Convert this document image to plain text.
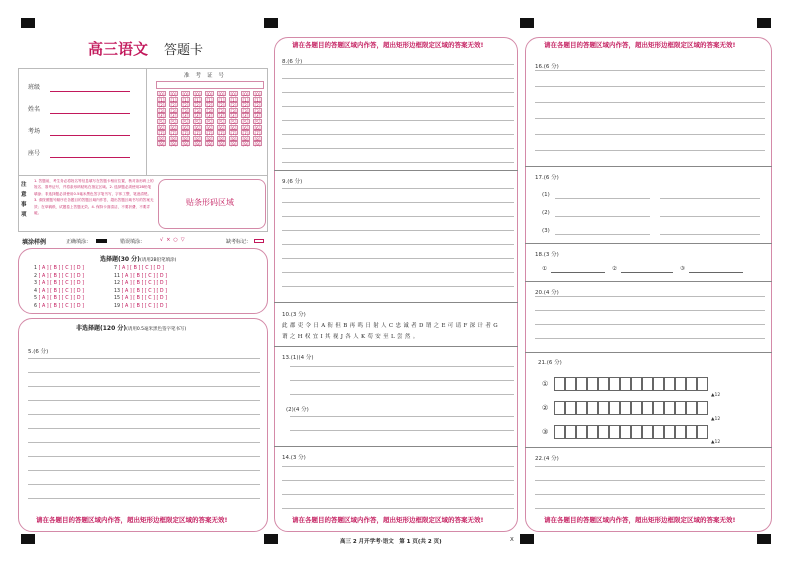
高三语文 答题卡
班级
姓名
考场
座号
准考证号
[0]
[1]
[2]
[3]
[4]
[5]
[6]
[7]
[8]
[9]
[0]
[1]
[2]
[3]
[4]
[5]
[6]
[7]
[8]
[9]
[0]
[1]
[2]
[3]
[4]
[5]
[6]
[7]
[8]
[9]
[0]
[1]
[2]
[3]
[4]
[5]
[6]
[7]
[8]
[9]
[0]
[1]
[2]
[3]
[4]
[5]
[6]
[7]
[8]
[9]
[0]
[1]
[2]
[3]
[4]
[5]
[6]
[7]
[8]
[9]
[0]
[1]
[2]
[3]
[4]
[5]
[6]
[7]
[8]
[9]
[0]
[1]
[2]
[3]
[4]
[5]
[6]
[7]
[8]
[9]
[0]
[1]
[2]
[3]
[4]
[5]
[6]
[7]
[8]
[9]
注
意
事
项
1. 答题前，考生务必将姓名等信息填写在答题卡相应位置，核对条形码上的姓名、准考证号，并将条形码粘贴在指定区域。2. 选择题必须使用2B铅笔填涂；非选择题必须使用0.5毫米黑色签字笔书写，字体工整，笔迹清楚。3. 请按照题号顺序在各题目的答题区域内作答，超出答题区域书写的答案无效；在草稿纸、试题卷上答题无效。4. 保持卡面清洁，不要折叠、不要弄破。
贴条形码区域
填涂样例	正确填涂：	错误填涂：	√×○▽	缺考标记：
选择题(30 分)(请用2B铅笔填涂)
1 [ A ] [ B ] [ C ] [ D ]
2 [ A ] [ B ] [ C ] [ D ]
3 [ A ] [ B ] [ C ] [ D ]
4 [ A ] [ B ] [ C ] [ D ]
5 [ A ] [ B ] [ C ] [ D ]
6 [ A ] [ B ] [ C ] [ D ]
7 [ A ] [ B ] [ C ] [ D ]
11 [ A ] [ B ] [ C ] [ D ]
12 [ A ] [ B ] [ C ] [ D ]
13 [ A ] [ B ] [ C ] [ D ]
15 [ A ] [ B ] [ C ] [ D ]
19 [ A ] [ B ] [ C ] [ D ]
非选择题(120 分)(请用0.5毫米黑色签字笔书写)
5.(6 分)
请在各题目的答题区域内作答，超出矩形边框限定区域的答案无效!
请在各题目的答题区域内作答，超出矩形边框限定区域的答案无效!
8.(6 分)
9.(6 分)
10.(3 分)
此 郡 吏 令 日 A 衔 但 B 再 呜 日 射 人 C 忠 诚 者 D 谓 之 E 可 请 F 深 计 者 G
谓 之 H 权 宜 I 其 视 J 各 人 K 苟 安 至 L 尝 然 。
13.(1)(4 分)
(2)(4 分)
14.(3 分)
请在各题目的答题区域内作答，超出矩形边框限定区域的答案无效!
请在各题目的答题区域内作答，超出矩形边框限定区域的答案无效!
16.(6 分)
17.(6 分)
(1)
(2)
(3)
18.(3 分)
①	②	③
20.(4 分)
21.(6 分)
①
②
③
▲12
▲12
▲12
22.(4 分)
请在各题目的答题区域内作答，超出矩形边框限定区域的答案无效!
高三 2 月开学考·语文　第 1 页(共 2 页)	X
